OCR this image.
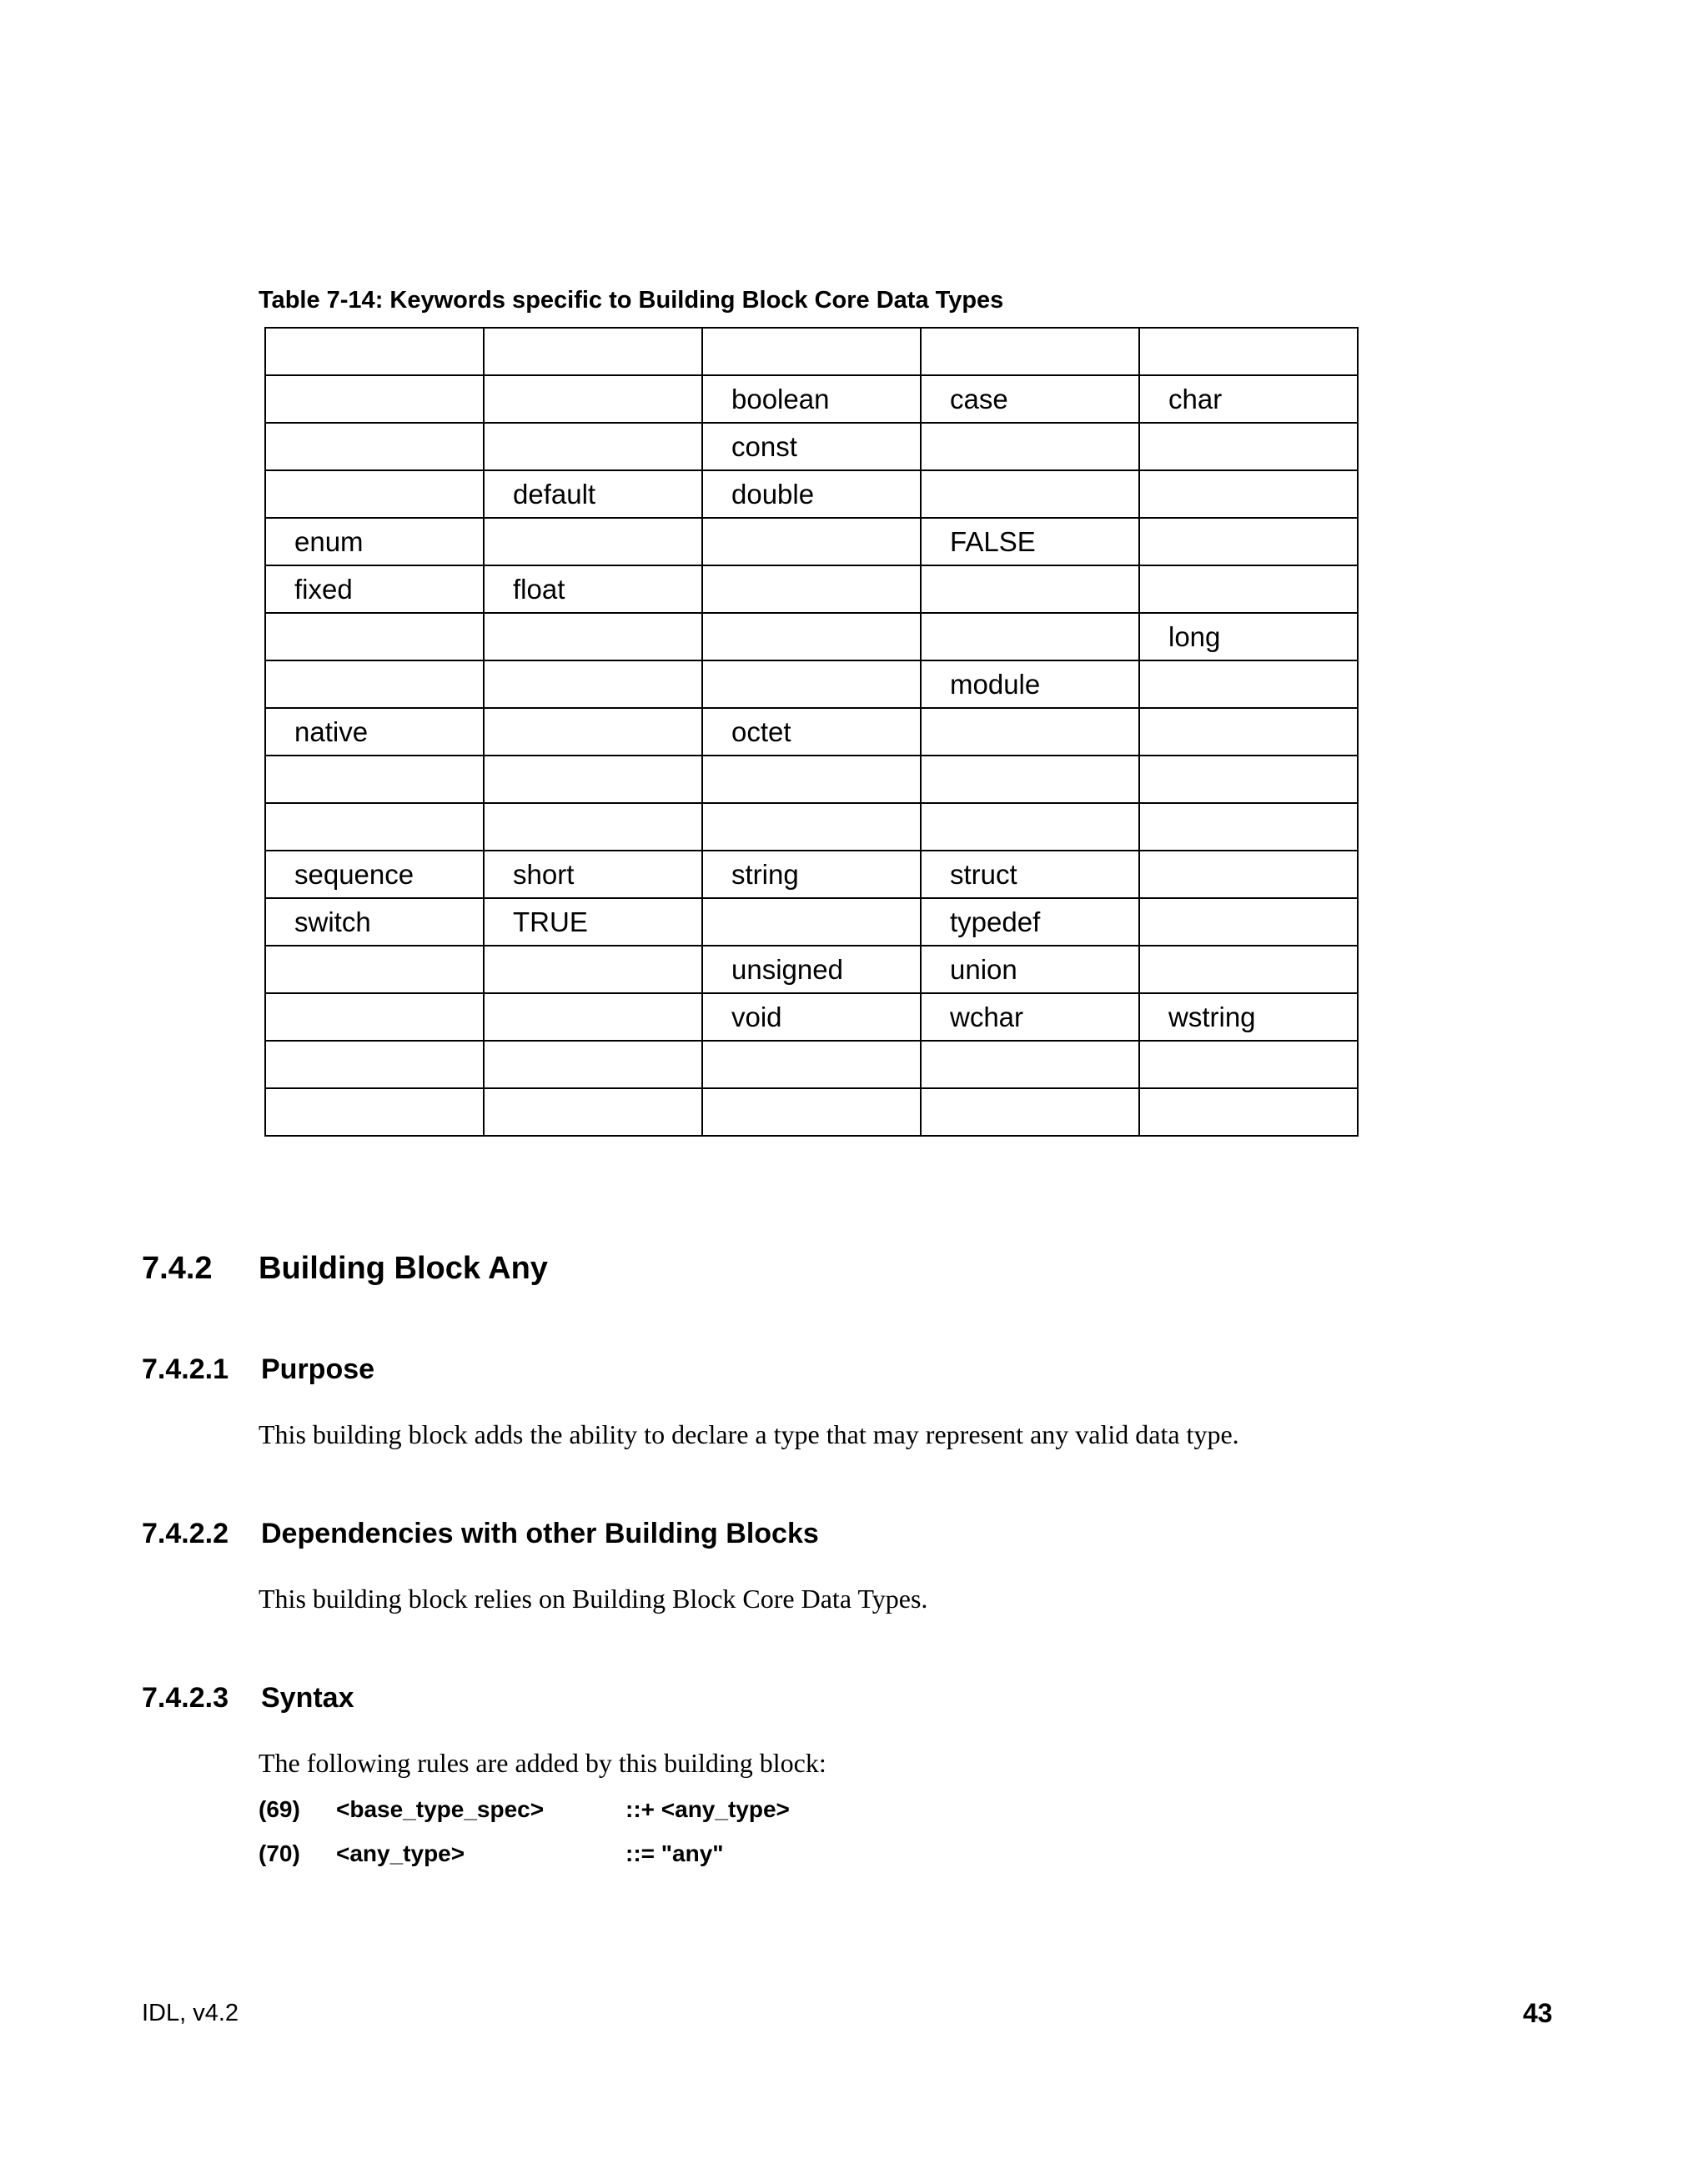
Table 7-14: Keywords specific to Building Block Core Data Types

		boolean	case	char
		const		
	default	double		
enum			FALSE	
fixed	float			
				long
			module	
native		octet		

sequence	short	string	struct	
switch	TRUE		typedef	
		unsigned	union	
		void	wchar	wstring

7.4.2 Building Block Any
7.4.2.1 Purpose
This building block adds the ability to declare a type that may represent any valid data type.
7.4.2.2 Dependencies with other Building Blocks
This building block relies on Building Block Core Data Types.
7.4.2.3 Syntax
The following rules are added by this building block:
(69) <base_type_spec>	::+ <any_type>
(70) <any_type>	::= "any"
IDL, v4.2	43
